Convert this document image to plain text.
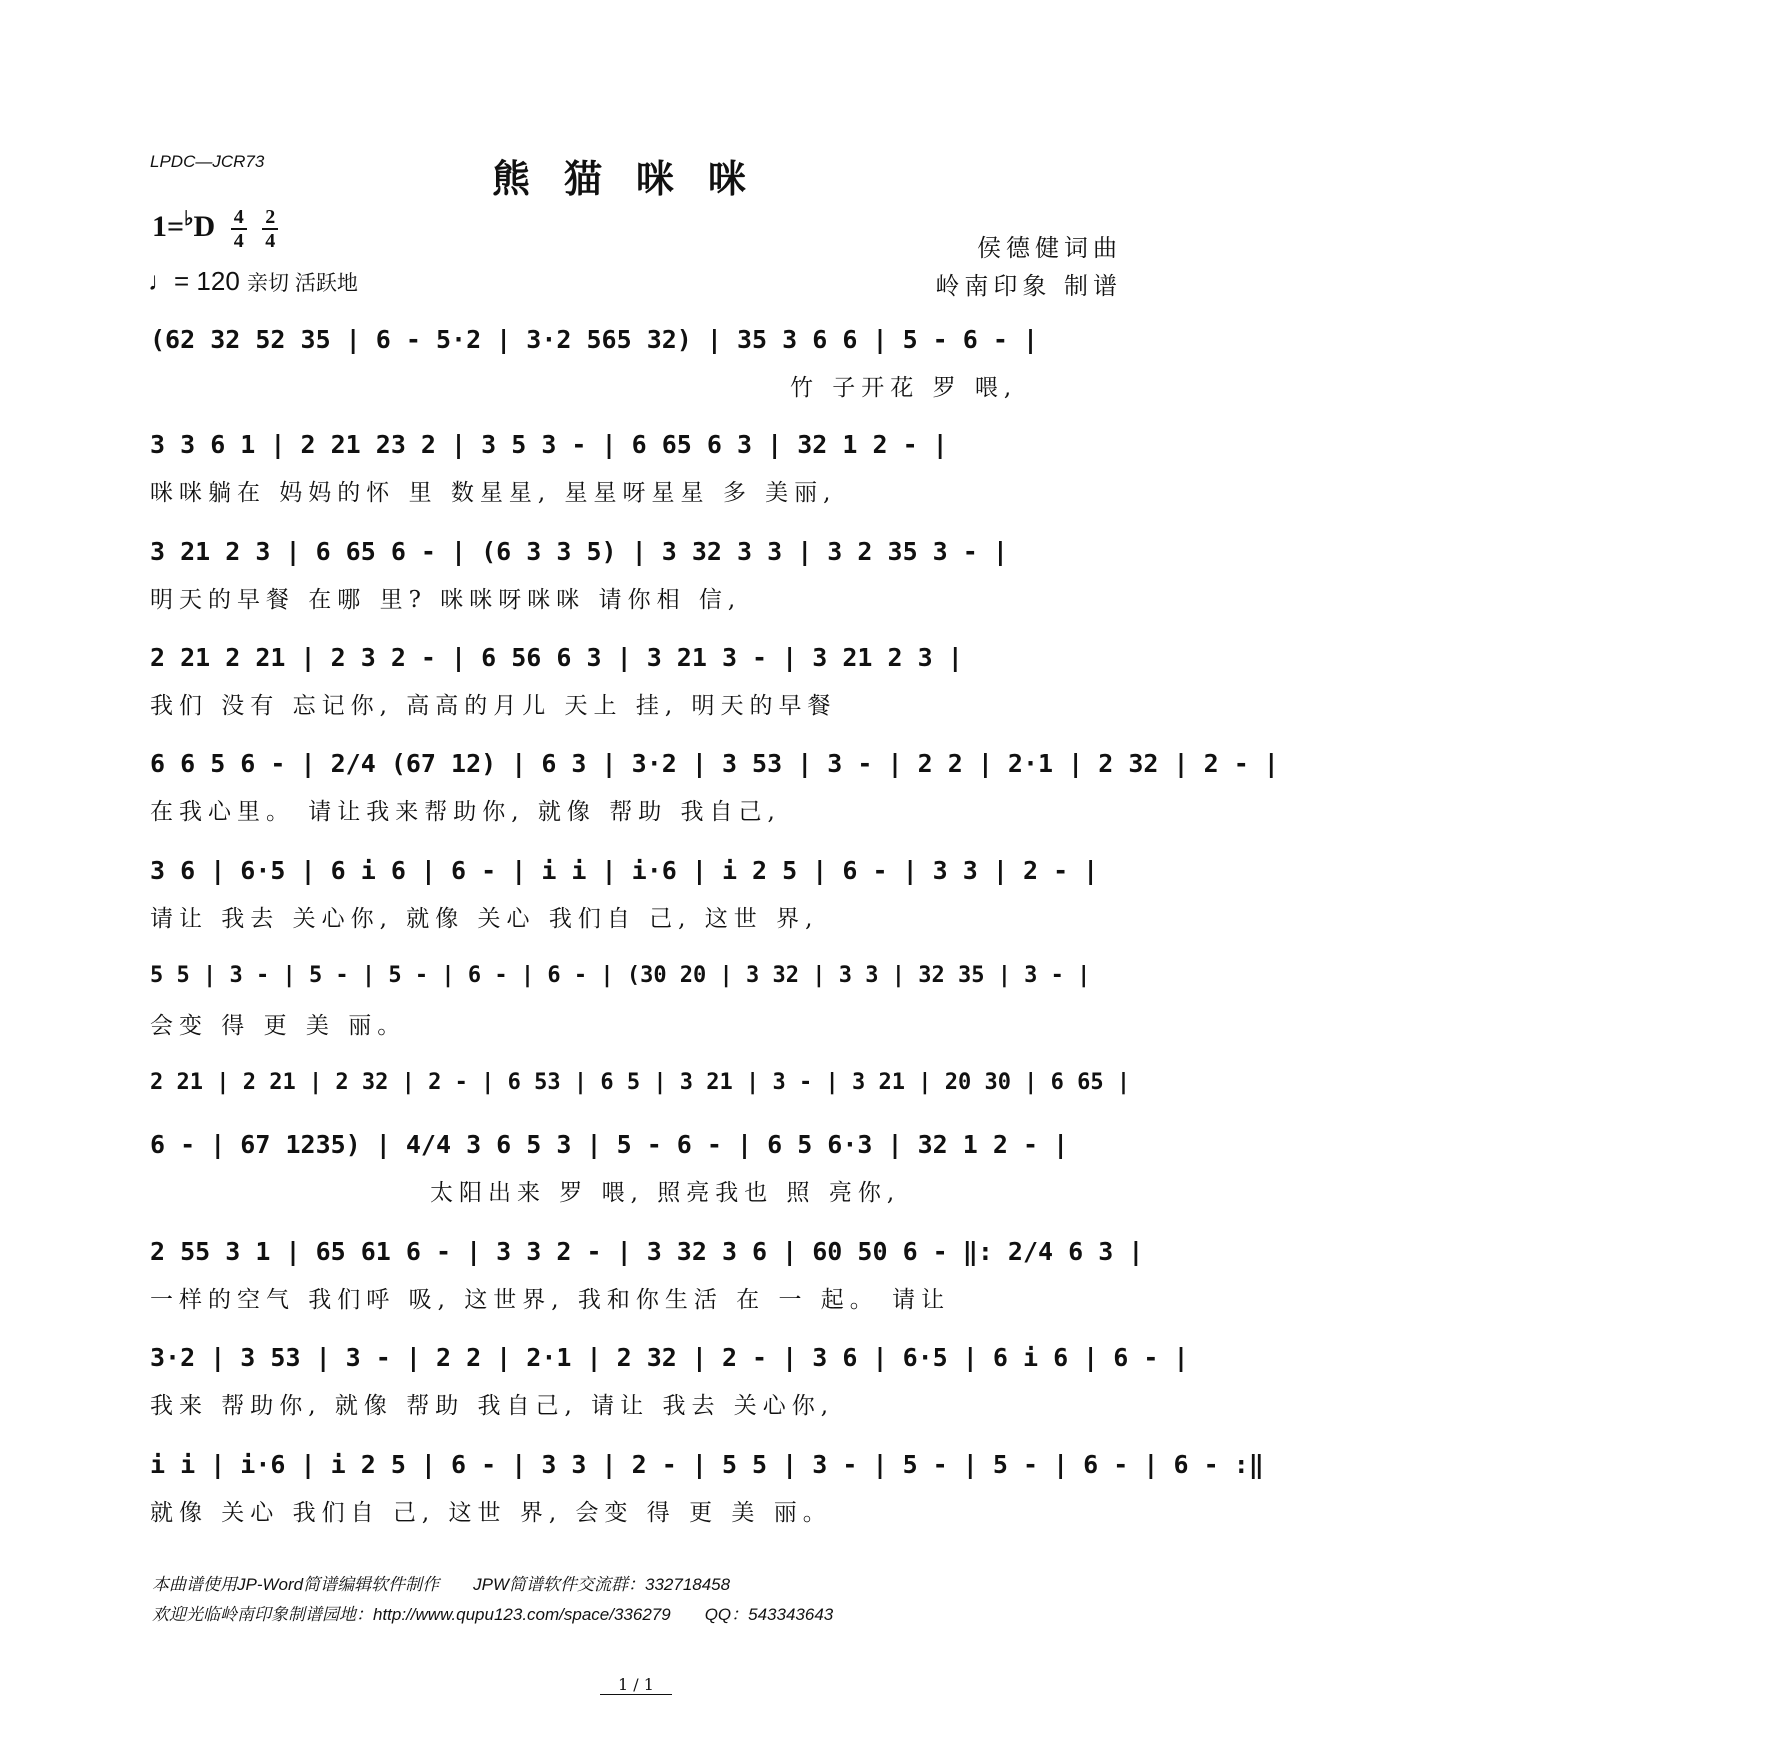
LPDC—JCR73	熊猫咪咪
$1=^♭D \frac{4}{4}$
$\frac{2}{4}$
♩= 120 亲切 活跃地
侯德健词曲
岭南印象 制谱
(62 32 52 35 | 6 - 5·2 | 3·2 565 32) | 35 3 6 6 | 5 - 6 - |
竹 子开花 罗 喂,
3 3 6 1 | 2 21 23 2 | 3 5 3 - | 6 65 6 3 | 32 1 2 - |
咪咪躺在 妈妈的怀 里 数星星, 星星呀星星 多 美丽,
3 21 2 3 | 6 65 6 - | (6 3 3 5) | 3 32 3 3 | 3 2 35 3 - |
明天的早餐 在哪 里? 咪咪呀咪咪 请你相 信,
2 21 2 21 | 2 3 2 - | 6 56 6 3 | 3 21 3 - | 3 21 2 3 |
我们 没有 忘记你, 高高的月儿 天上 挂, 明天的早餐
6 6 5 6 - | 2/4 (67 12) | 6 3 | 3·2 | 3 53 | 3 - | 2 2 | 2·1 | 2 32 | 2 - |
在我心里。 请让我来帮助你, 就像 帮助 我自己,
3 6 | 6·5 | 6 i 6 | 6 - | i i | i·6 | i 2 5 | 6 - | 3 3 | 2 - |
请让 我去 关心你, 就像 关心 我们自 己, 这世 界,
5 5 | 3 - | 5 - | 5 - | 6 - | 6 - | (30 20 | 3 32 | 3 3 | 32 35 | 3 - |
会变 得 更 美 丽。
2 21 | 2 21 | 2 32 | 2 - | 6 53 | 6 5 | 3 21 | 3 - | 3 21 | 20 30 | 6 65 |
6 - | 67 1235) | 4/4 3 6 5 3 | 5 - 6 - | 6 5 6·3 | 32 1 2 - |
太阳出来 罗 喂, 照亮我也 照 亮你,
2 55 3 1 | 65 61 6 - | 3 3 2 - | 3 32 3 6 | 60 50 6 - ‖: 2/4 6 3 |
一样的空气 我们呼 吸, 这世界, 我和你生活 在 一 起。 请让
3·2 | 3 53 | 3 - | 2 2 | 2·1 | 2 32 | 2 - | 3 6 | 6·5 | 6 i 6 | 6 - |
我来 帮助你, 就像 帮助 我自己, 请让 我去 关心你,
i i | i·6 | i 2 5 | 6 - | 3 3 | 2 - | 5 5 | 3 - | 5 - | 5 - | 6 - | 6 - :‖
就像 关心 我们自 己, 这世 界, 会变 得 更 美 丽。
本曲谱使用JP-Word简谱编辑软件制作　　JPW简谱软件交流群：332718458
欢迎光临岭南印象制谱园地：http://www.qupu123.com/space/336279　　QQ：543343643
1 / 1
